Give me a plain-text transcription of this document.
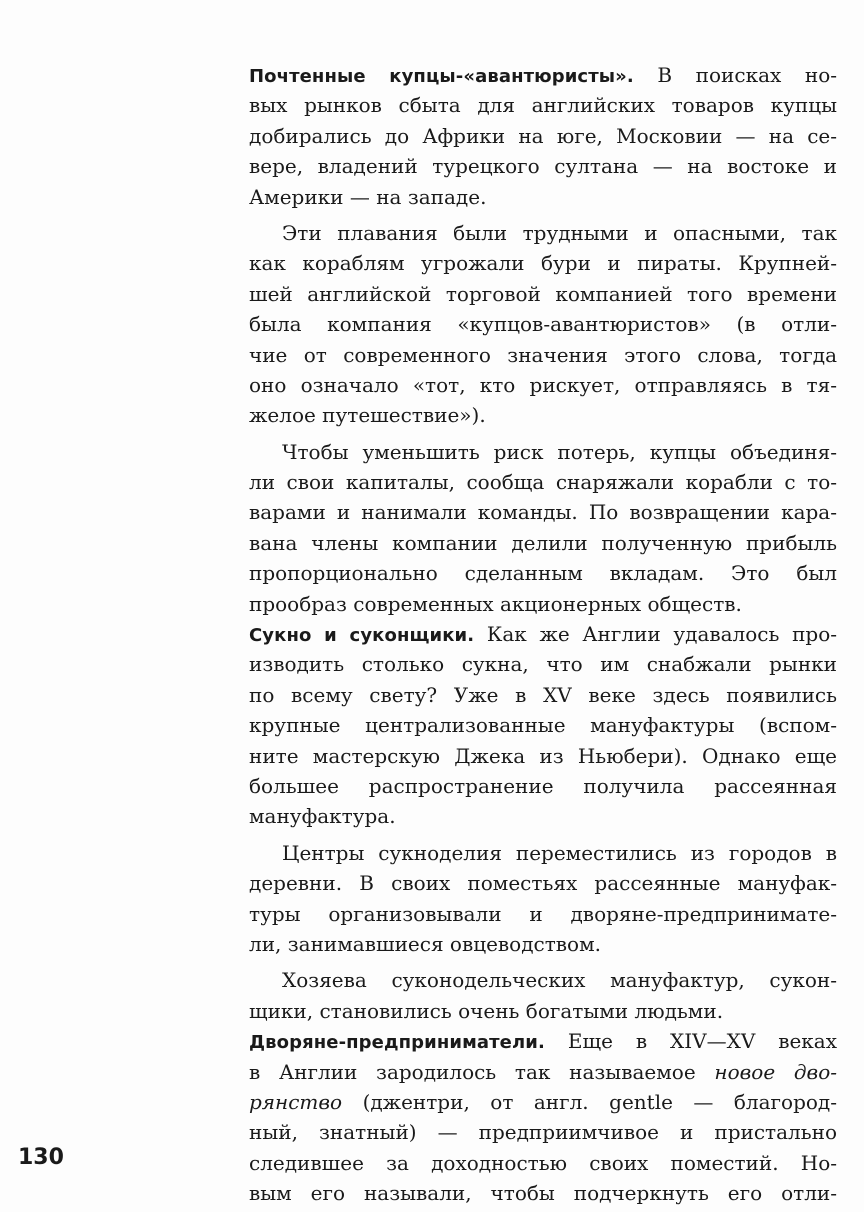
Почтенные купцы-«авантюристы». В поисках но-
вых рынков сбыта для английских товаров купцы
добирались до Африки на юге, Московии — на се-
вере, владений турецкого султана — на востоке и
Америки — на западе.
Эти плавания были трудными и опасными, так
как кораблям угрожали бури и пираты. Крупней-
шей английской торговой компанией того времени
была компания «купцов-авантюристов» (в отли-
чие от современного значения этого слова, тогда
оно означало «тот, кто рискует, отправляясь в тя-
желое путешествие»).
Чтобы уменьшить риск потерь, купцы объединя-
ли свои капиталы, сообща снаряжали корабли с то-
варами и нанимали команды. По возвращении кара-
вана члены компании делили полученную прибыль
пропорционально сделанным вкладам. Это был
прообраз современных акционерных обществ.
Сукно и суконщики. Как же Англии удавалось про-
изводить столько сукна, что им снабжали рынки
по всему свету? Уже в XV веке здесь появились
крупные централизованные мануфактуры (вспом-
ните мастерскую Джека из Ньюбери). Однако еще
большее распространение получила рассеянная
мануфактура.
Центры сукноделия переместились из городов в
деревни. В своих поместьях рассеянные мануфак-
туры организовывали и дворяне-предпринимате-
ли, занимавшиеся овцеводством.
Хозяева суконодельческих мануфактур, сукон-
щики, становились очень богатыми людьми.
Дворяне-предприниматели. Еще в XIV—XV веках
в Англии зародилось так называемое новое дво-
рянство (джентри, от англ. gentle — благород-
ный, знатный) — предприимчивое и пристально
следившее за доходностью своих поместий. Но-
вым его называли, чтобы подчеркнуть его отли-
130
